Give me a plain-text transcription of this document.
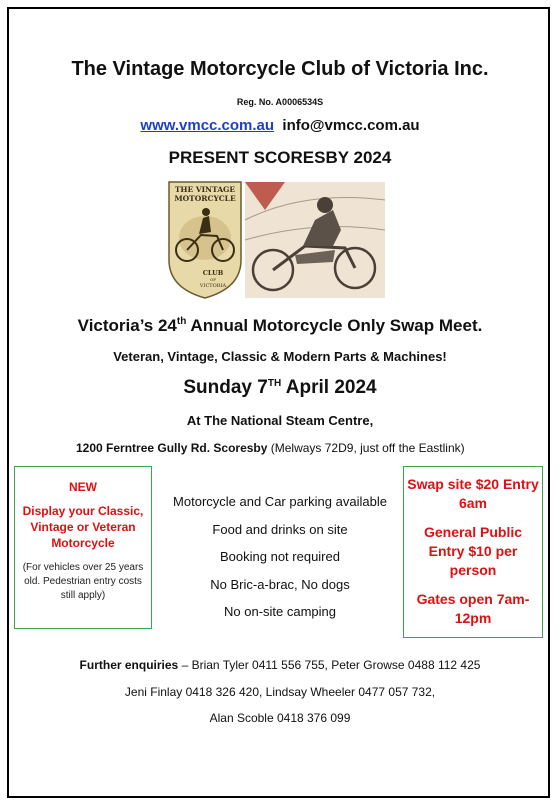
The Vintage Motorcycle Club of Victoria Inc.
Reg. No. A0006534S
www.vmcc.com.au info@vmcc.com.au
PRESENT SCORESBY 2024
THE VINTAGE
MOTORCYCLE
CLUB
OF
VICTORIA
Victoria’s 24th Annual Motorcycle Only Swap Meet.
Veteran, Vintage, Classic & Modern Parts & Machines!
Sunday 7TH April 2024
At The National Steam Centre,
1200 Ferntree Gully Rd. Scoresby (Melways 72D9, just off the Eastlink)
NEW
Display your Classic, Vintage or Veteran Motorcycle
(For vehicles over 25 years old. Pedestrian entry costs still apply)
Motorcycle and Car parking available
Food and drinks on site
Booking not required
No Bric-a-brac, No dogs
No on-site camping
Swap site $20 Entry 6am
General Public Entry $10 per person
Gates open 7am-12pm
Further enquiries – Brian Tyler 0411 556 755, Peter Growse 0488 112 425
Jeni Finlay 0418 326 420, Lindsay Wheeler 0477 057 732,
Alan Scoble 0418 376 099
